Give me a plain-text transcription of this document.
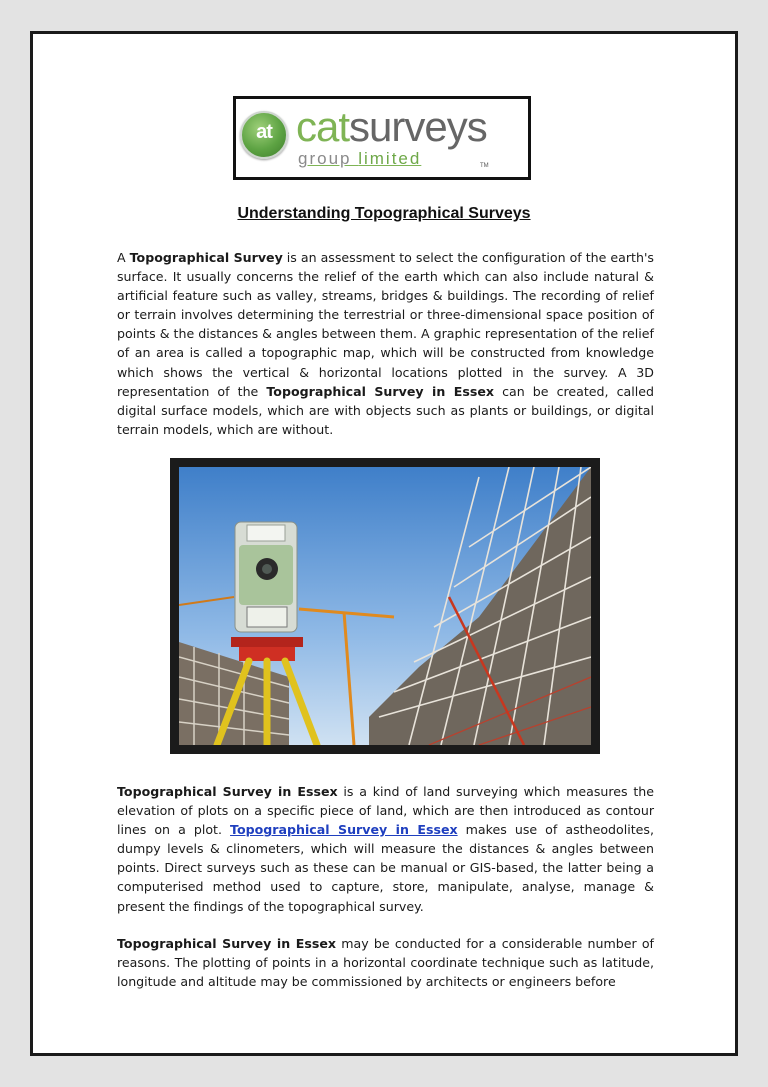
at catsurveys
group limited	TM
Understanding Topographical Surveys

A Topographical Survey is an assessment to select the configuration of the earth's surface. It usually concerns the relief of the earth which can also include natural & artificial feature such as valley, streams, bridges & buildings. The recording of relief or terrain involves determining the terrestrial or three-dimensional space position of points & the distances & angles between them. A graphic representation of the relief of an area is called a topographic map, which will be constructed from knowledge which shows the vertical & horizontal locations plotted in the survey. A 3D representation of the Topographical Survey in Essex can be created, called digital surface models, which are with objects such as plants or buildings, or digital terrain models, which are without.

Topographical Survey in Essex is a kind of land surveying which measures the elevation of plots on a specific piece of land, which are then introduced as contour lines on a plot. Topographical Survey in Essex makes use of astheodolites, dumpy levels & clinometers, which will measure the distances & angles between points. Direct surveys such as these can be manual or GIS-based, the latter being a computerised method used to capture, store, manipulate, analyse, manage & present the findings of the topographical survey.

Topographical Survey in Essex may be conducted for a considerable number of reasons. The plotting of points in a horizontal coordinate technique such as latitude, longitude and altitude may be commissioned by architects or engineers before
